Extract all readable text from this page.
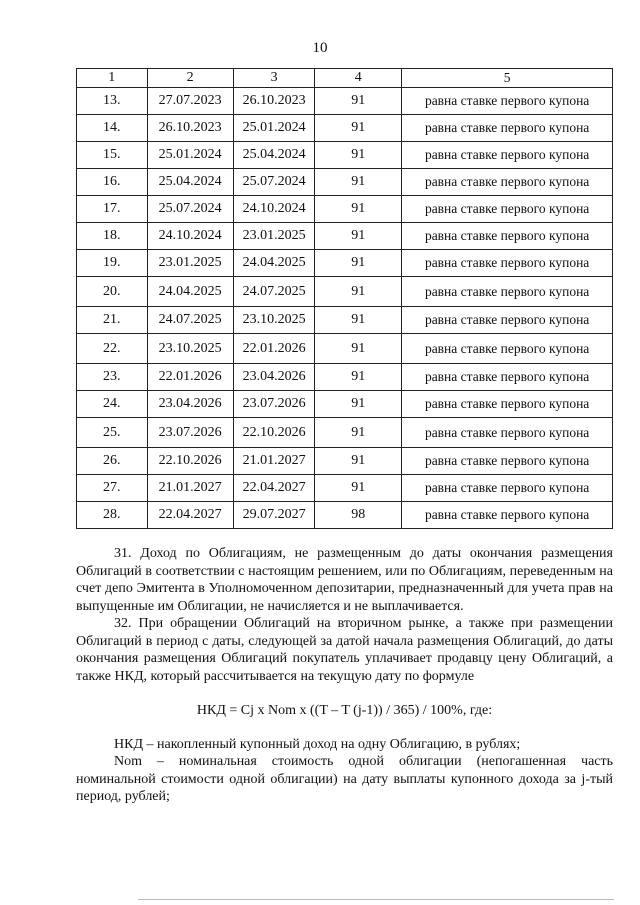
10
1	2	3	4	5
13.	27.07.2023	26.10.2023	91	равна ставке первого купона
14.	26.10.2023	25.01.2024	91	равна ставке первого купона
15.	25.01.2024	25.04.2024	91	равна ставке первого купона
16.	25.04.2024	25.07.2024	91	равна ставке первого купона
17.	25.07.2024	24.10.2024	91	равна ставке первого купона
18.	24.10.2024	23.01.2025	91	равна ставке первого купона
19.	23.01.2025	24.04.2025	91	равна ставке первого купона
20.	24.04.2025	24.07.2025	91	равна ставке первого купона
21.	24.07.2025	23.10.2025	91	равна ставке первого купона
22.	23.10.2025	22.01.2026	91	равна ставке первого купона
23.	22.01.2026	23.04.2026	91	равна ставке первого купона
24.	23.04.2026	23.07.2026	91	равна ставке первого купона
25.	23.07.2026	22.10.2026	91	равна ставке первого купона
26.	22.10.2026	21.01.2027	91	равна ставке первого купона
27.	21.01.2027	22.04.2027	91	равна ставке первого купона
28.	22.04.2027	29.07.2027	98	равна ставке первого купона

31. Доход по Облигациям, не размещенным до даты окончания размещения Облигаций в соответствии с настоящим решением, или по Облигациям, переведенным на счет депо Эмитента в Уполномоченном депозитарии, предназначенный для учета прав на выпущенные им Облигации, не начисляется и не выплачивается.

32. При обращении Облигаций на вторичном рынке, а также при размещении Облигаций в период с даты, следующей за датой начала размещения Облигаций, до даты окончания размещения Облигаций покупатель уплачивает продавцу цену Облигаций, а также НКД, который рассчитывается на текущую дату по формуле

НКД = Cj x Nom x ((T – T (j-1)) / 365) / 100%, где:

НКД – накопленный купонный доход на одну Облигацию, в рублях;

Nom – номинальная стоимость одной облигации (непогашенная часть номинальной стоимости одной облигации) на дату выплаты купонного дохода за j-тый период, рублей;
